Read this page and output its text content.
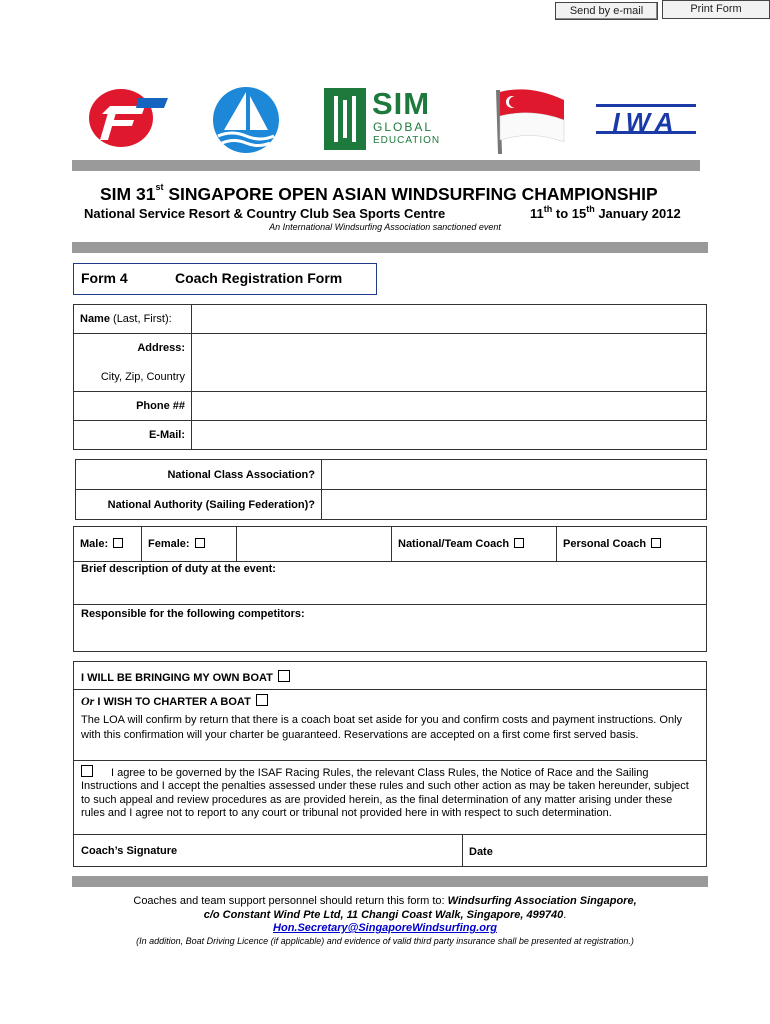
Send by e-mail	Print Form
SIM
GLOBAL
EDUCATION
IWA
SIM 31st SINGAPORE OPEN ASIAN WINDSURFING CHAMPIONSHIP
National Service Resort & Country Club Sea Sports Centre	11th to 15th January 2012
An International Windsurfing Association sanctioned event
Form 4	Coach Registration Form
Name (Last, First):	
Address:	
City, Zip, Country	
Phone ##	
E-Mail:	
National Class Association?	
National Authority (Sailing Federation)?	
Male:	Female:		National/Team Coach	Personal Coach
Brief description of duty at the event:
Responsible for the following competitors:
I WILL BE BRINGING MY OWN BOAT
Or I WISH TO CHARTER A BOAT
The LOA will confirm by return that there is a coach boat set aside for you and confirm costs and payment instructions. Only with this confirmation will your charter be guaranteed. Reservations are accepted on a first come first served basis.
I agree to be governed by the ISAF Racing Rules, the relevant Class Rules, the Notice of Race and the Sailing Instructions and I accept the penalties assessed under these rules and such other action as may be taken hereunder, subject to such appeal and review procedures as are provided herein, as the final determination of any matter arising under these rules and I agree not to report to any court or tribunal not provided here in with respect to such determination.
Coach’s Signature	Date
Coaches and team support personnel should return this form to: Windsurfing Association Singapore,
c/o Constant Wind Pte Ltd, 11 Changi Coast Walk, Singapore, 499740.
Hon.Secretary@SingaporeWindsurfing.org
(In addition, Boat Driving Licence (if applicable) and evidence of valid third party insurance shall be presented at registration.)
